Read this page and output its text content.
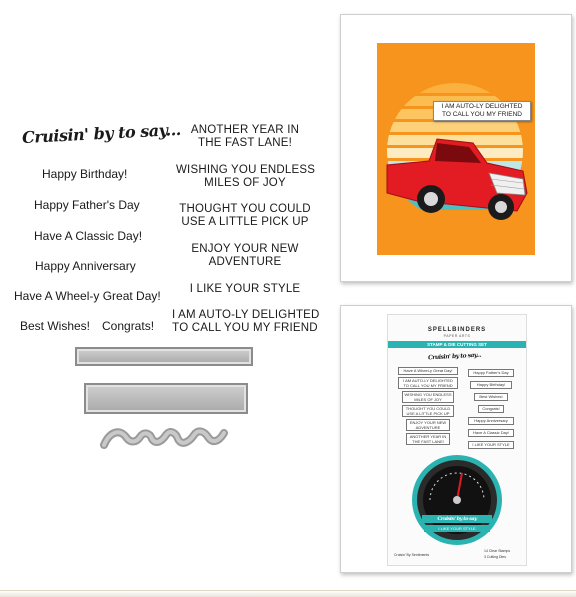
Cruisin' by to say...
Happy Birthday!
Happy Father's Day
Have A Classic Day!
Happy Anniversary
Have A Wheel-y Great Day!
Best Wishes! Congrats!
ANOTHER YEAR IN
THE FAST LANE!
WISHING YOU ENDLESS
MILES OF JOY
THOUGHT YOU COULD
USE A LITTLE PICK UP
ENJOY YOUR NEW
ADVENTURE
I LIKE YOUR STYLE
I AM AUTO-LY DELIGHTED
TO CALL YOU MY FRIEND
I AM AUTO-LY DELIGHTED
TO CALL YOU MY FRIEND
SPELLBINDERS
PAPER ARTS
STAMP & DIE CUTTING SET
Cruisin' by to say...
Have A Wheel-y Great Day!
I AM AUTO-LY DELIGHTED
TO CALL YOU MY FRIEND
WISHING YOU ENDLESS
MILES OF JOY
THOUGHT YOU COULD
USE A LITTLE PICK UP
ENJOY YOUR NEW
ADVENTURE
ANOTHER YEAR IN
THE FAST LANE!
Happy Father's Day
Happy Birthday!
Best Wishes!
Congrats!
Happy Anniversary
Have A Classic Day!
I LIKE YOUR STYLE
Cruisin' by to say
I LIKE YOUR STYLE
Cruisin' By Sentiments
14 Clear Stamps
3 Cutting Dies
